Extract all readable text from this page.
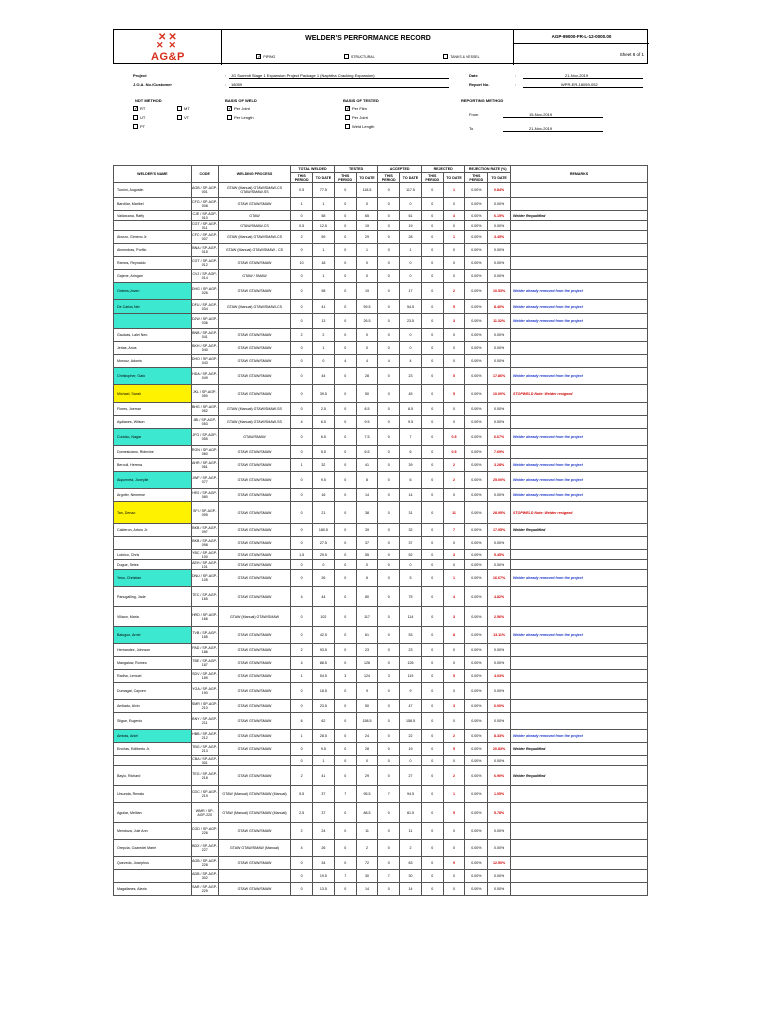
✕✕
✕✕
AG&P
WELDER'S PERFORMANCE RECORD
✓ PIPING	STRUCTURAL	TANKS & VESSEL
AGP-99000-FR-L-12-0000.00
Sheet 8 of 1
Project	: JG Summit Stage 1 Expansion Project Package 1 (Naphtha Cracking Expansion)
J.O.A. No./Customer	: 18059
Date	:	21-Nov-2019
Report No.	:	WPR-ER-18059-052
NDT METHOD	BASIS OF WELD	BASIS OF TESTED	REPORTING METHOD
From	15-Nov-2019
To	21-Nov-2019
WELDER'S NAME	CODE	WELDING PROCESS	TOTAL WELDED		TESTED		ACCEPTED		REJECTED		REJECTION RATE (%)		REMARKS
			THIS PERIOD	TO DATE	THIS PERIOD	TO DATE	THIS PERIOD	TO DATE	THIS PERIOD	TO DATE	THIS PERIOD	TO DATE	
Tumini, Augustin	AGB / SP-AGP-001	GTAW (Manual) GTAW/SMAW-CS GTAW/SMAW-SS	0.5	77.5	0	118.5	0	117.5	0	1	0.00%	0.84%	
Barcillar, Maribel	CFG / SP-AGP-008	GTAW GTAW/SMAW	1	1	0	0	0	0	0	0	0.00%	0.00%	
Vallarcana, Raffy	CJE / SP-AGP-010	GTAW	0	58	0	65	0	61	0	4	0.00%	6.15%	Welder Requalified
	CGT / SP-AGP-011	GTAW/SMAW-CS	0.5	12.5	0	19	0	19	0	0	0.00%	0.00%	
Alonzo, Gimeno Jr.	CFC / SP-AGP-007	GTAW (Manual) GTAW/SMAW-CS	2	59	0	29	0	28	0	1	0.00%	3.45%	
Almendras, Porfilo	BNA / SP-AGP-015	GTAW (Manual) GTAW/SMAW - CS	0	1	0	1	0	1	0	0	0.00%	0.00%	
Ramos, Reynaldo	CGT / SP-AGP-012	GTAW GTAW/SMAW	10	18	0	0	0	0	0	0	0.00%	0.00%	
Gajene, Aringan	CVJ / SP-AGP-014	GTAW / SMAW	0	1	0	0	0	0	0	0	0.00%	0.00%	
Ordens,Joven	DHG / SP-AGP-026	GTAW GTAW/SMAW	0	98	0	19	0	17	0	2	0.00%	10.53%	Welder already removed from the project
De Carlos Ner	DFU / SP-AGP-034	GTAW (Manual) GTAW/SMAW-CS	0	41	0	59.5	0	54.5	0	5	0.00%	8.40%	Welder already removed from the project
	DJW / SP-AGP-036		0	13	0	26.5	0	23.5	0	3	0.00%	11.32%	Welder already removed from the project
Gaulcas, Lalei Neo	BNB / SP-AGP-041	GTAW GTAW/SMAW	2	2	0	0	0	0	0	0	0.00%	0.00%	
Jerlas, Anus	BKH / SP-AGP-040	GTAW GTAW/SMAW	0	1	0	0	0	0	0	0	0.00%	0.00%	
Morouz, Adonis	DHO / SP-AGP-043	GTAW GTAW/SMAW	0	0	4	4	4	4	0	0	0.00%	0.00%	
Christopher, Gato	HDA / SP-AGP-049	GTAW GTAW/SMAW	0	44	0	28	0	23	0	5	0.00%	17.86%	Welder already removed from the project
Michael, Sarah	JKL / SP-AGP-050	GTAW GTAW/SMAW	0	39.5	0	50	0	45	0	5	0.00%	10.00%	STOPWELD Note: Welder resigned
Flores, Joemar	BHG / SP-AGP-052	GTAW (Manual) GTAW/SMAW-SS	0	2.5	0	8.5	0	8.5	0	0	0.00%	0.00%	
Aydlanes, Wilson	JBI / SP-AGP-053	GTAW (Manual) GTAW/SMAW-SS	4	6.5	0	9.5	0	9.5	0	0	0.00%	0.00%	
Curioko, Nagar	JFG / SP-AGP-055	GTAW/SMAW	0	6.5	0	7.5	0	7	0	0.5	0.00%	6.67%	Welder already removed from the project
Domesiciano, Ridevine	RGN / SP-AGP-060	GTAW GTAW/SMAW	0	5.5	0	6.5	0	6	0	0.5	0.00%	7.69%	
Berouil, Herena	AHR / SP-AGP-061	GTAW GTAW/SMAW	1	32	0	41	0	39	0	2	0.00%	3.28%	Welder already removed from the project
Alqueneta, Juneylle	JWF / SP-AGP-077	GTAW GTAW/SMAW	0	9.5	0	8	0	6	0	2	0.00%	25.00%	Welder already removed from the project
Argofer, Neneese	HRJ / SP-AGP-080	GTAW GTAW/SMAW	0	16	0	14	0	14	0	0	0.00%	0.00%	Welder already removed from the project
Tan, Denao	SFI / SP-AGP-095	GTAW GTAW/SMAW	0	21	0	38	0	31	0	11	0.00%	28.95%	STOPWELD Note: Welder resigned
Calderon, Arturo Jr.	BKB / SP-AGP-097	GTAW GTAW/SMAW	0	180.5	0	39	0	32	0	7	0.00%	17.95%	Welder Requalified
	BKB / SP-AGP-098	GTAW GTAW/SMAW	0	27.5	0	37	0	37	0	0	0.00%	0.00%	
Lubrico, Chris	YBC / SP-AGP-100	GTAW GTAW/SMAW	1.5	29.5	0	55	0	52	0	3	0.00%	5.45%	
Dugue, Seles	AEH / SP-AGP-101	GTAW GTAW/SMAW	0	0	0	0	0	0	0	0	0.00%	0.00%	
Yeso, Christian	DNU / SP-AGP-105	GTAW GTAW/SMAW	0	26	0	6	0	5	0	1	0.00%	16.67%	Welder already removed from the project
Panugalling, Jade	TEC / SP-AGP-165	GTAW GTAW/SMAW	4	44	0	80	0	75	0	4	0.00%	4.82%	
Villaon, Maria	HRD / SP-AGP-166	GTAW (Manual) GTAW/SMAW	0	102	0	117	0	114	0	3	0.00%	2.56%	
Balugon, Arnel	TVB / SP-AGP-185	GTAW GTAW/SMAW	0	42.5	0	61	0	53	0	8	0.00%	13.11%	Welder already removed from the project
Hernandez, Johnson	PAD / SP-AGP-186	GTAW GTAW/SMAW	2	93.5	0	23	0	23	0	0	0.00%	0.00%	
Mangalow, Romeo	TBE / SP-AGP-187	GTAW GTAW/SMAW	4	88.5	0	126	0	126	0	0	0.00%	0.00%	
Radha, Lemuel	SDV / SP-AGP-189	GTAW GTAW/SMAW	1	54.5	3	124	3	119	0	5	0.00%	4.03%	
Dumagat, Cayven	YGA / SP-AGP-190	GTAW GTAW/SMAW	0	18.5	0	9	0	9	0	0	0.00%	0.00%	
Amllado, Alvin	SMR / SP-AGP-210	GTAW GTAW/SMAW	0	23.5	0	50	0	47	0	3	0.00%	6.00%	
Sligue, Eugenio	BNY / SP-AGP-211	GTAW GTAW/SMAW	6	62	0	158.5	0	158.5	0	0	0.00%	0.00%	
Ambas, Aniel	HBB / SP-AGP-212	GTAW GTAW/SMAW	1	28.5	0	24	0	22	0	2	0.00%	8.33%	Welder already removed from the project
Encrias, Edilberto Jr.	TBG / SP-AGP-213	GTAW GTAW/SMAW	0	9.5	0	28	0	19	0	5	0.00%	20.83%	Welder Requalified
	CBA / SP-AGP-301		0	1	0	0	0	0	0	0	0.00%	0.00%	
Baylo, Richard	TEG / SP-AGP-218	GTAW GTAW/SMAW	2	41	0	29	0	27	0	2	0.00%	6.90%	Welder Requalified
Ursunda, Renato	CDC / SP-AGP-219	GTAW (Manual) GTAW/SMAW (Manual)	5.5	37	7	95.5	7	94.5	0	1	0.00%	1.05%	
Aguilar, Melitan	WMR / SP-AGP-220	GTAW (Manual) GTAW/SMAW (Manual)	2.5	37	0	88.5	0	81.5	0	5	0.00%	5.78%	
Mendoza, Jule Ann	CGD / SP-AGP-226	GTAW GTAW/SMAW	2	24	0	11	0	11	0	0	0.00%	0.00%	
Orepcia, Coaredel Marie	BDX / SP-AGP-227	GTAW GTAW/SMAW (Manual)	4	26	0	2	0	2	0	0	0.00%	0.00%	
Quevedo, Josephus	AGB / SP-AGP-228	GTAW GTAW/SMAW	0	34	0	72	0	63	0	9	0.00%	12.50%	
	ADB / SP-AGP-302		0	19.5	7	30	7	30	0	0	0.00%	0.00%	
Magallanes, Alexis	SAR / SP-AGP-229	GTAW GTAW/SMAW	0	13.5	0	14	0	14	0	0	0.00%	0.00%	
✓ RT	MT
UT	VT
PT
✓ Per Joint
Per Length
✓ Per Film
Per Joint
Weld Length
